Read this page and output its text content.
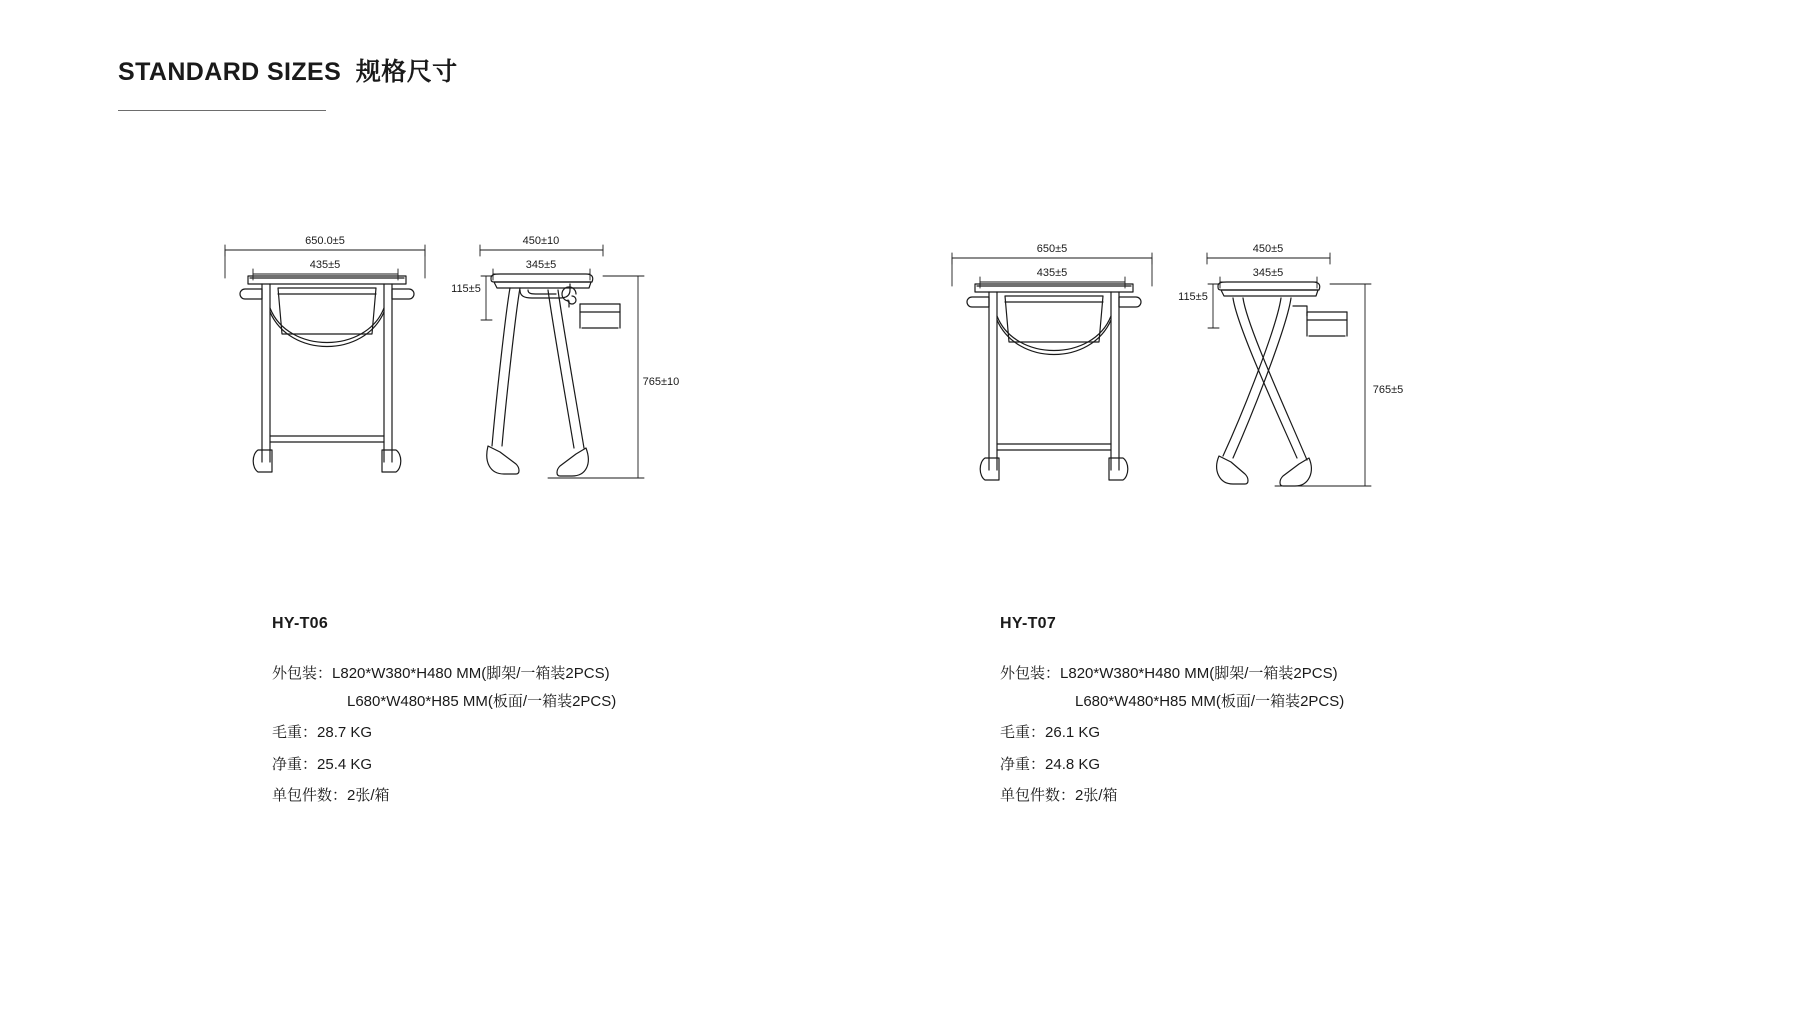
STANDARD SIZES  规格尺寸
650.0±5
435±5
450±10
345±5
115±5
765±10
650±5
435±5
450±5
345±5
115±5
765±5
HY-T06
外包装： L820*W380*H480 MM(脚架/一箱装2PCS)
L680*W480*H85 MM(板面/一箱装2PCS)
毛重： 28.7 KG
净重： 25.4 KG
单包件数： 2张/箱
HY-T07
外包装： L820*W380*H480 MM(脚架/一箱装2PCS)
L680*W480*H85 MM(板面/一箱装2PCS)
毛重： 26.1 KG
净重： 24.8 KG
单包件数： 2张/箱
